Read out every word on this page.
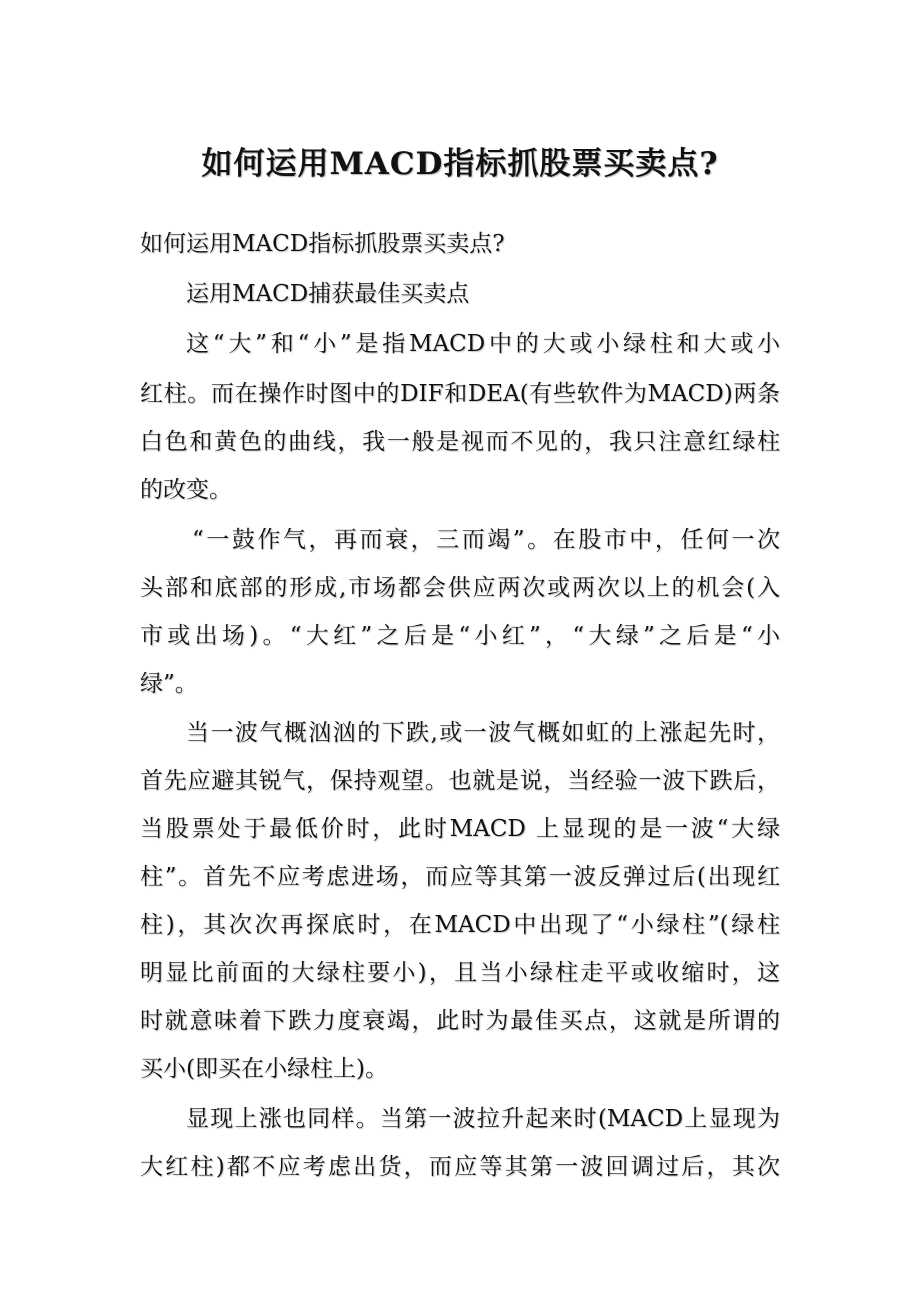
如何运用MACD指标抓股票买卖点?
如何运用MACD指标抓股票买卖点?
运用MACD捕获最佳买卖点
这“大”和“小”是指MACD中的大或小绿柱和大或小
红柱。而在操作时图中的DIF和DEA(有些软件为MACD)两条
白色和黄色的曲线，我一般是视而不见的，我只注意红绿柱
的改变。
“一鼓作气，再而衰，三而竭”。在股市中，任何一次
头部和底部的形成,市场都会供应两次或两次以上的机会(入
市或出场)。“大红”之后是“小红”，“大绿”之后是“小
绿”。
当一波气概汹汹的下跌,或一波气概如虹的上涨起先时，
首先应避其锐气，保持观望。也就是说，当经验一波下跌后，
当股票处于最低价时，此时MACD 上显现的是一波“大绿
柱”。首先不应考虑进场，而应等其第一波反弹过后(出现红
柱)，其次次再探底时，在MACD中出现了“小绿柱”(绿柱
明显比前面的大绿柱要小)，且当小绿柱走平或收缩时，这
时就意味着下跌力度衰竭，此时为最佳买点，这就是所谓的
买小(即买在小绿柱上)。
显现上涨也同样。当第一波拉升起来时(MACD上显现为
大红柱)都不应考虑出货，而应等其第一波回调过后，其次
